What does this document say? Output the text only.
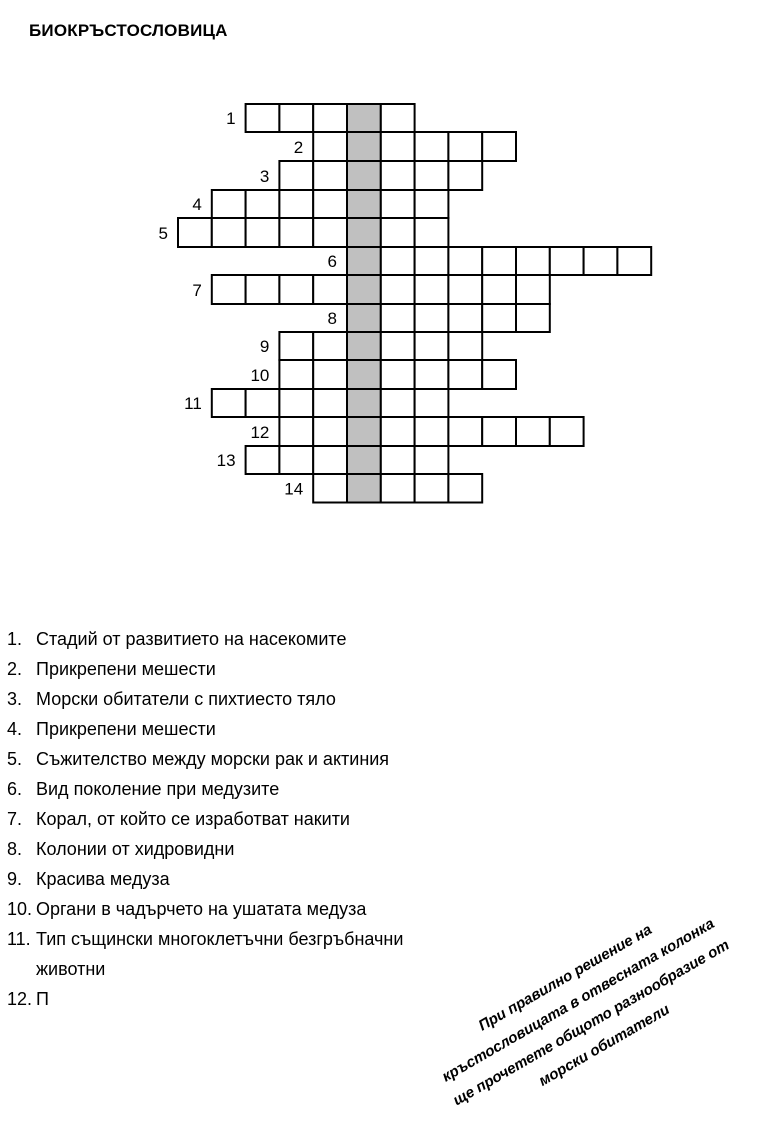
БИОКРЪСТОСЛОВИЦА
1
2
3
4
5
6
7
8
9
10
11
12
13
14
1. Стадий от развитието на насекомите
2. Прикрепени мешести
3. Морски обитатели с пихтиесто тяло
4. Прикрепени мешести
5. Съжителство между морски рак и актиния
6. Вид поколение при медузите
7. Корал, от който се изработват накити
8. Колонии от хидровидни
9. Красива медуза
10. Органи в чадърчето на ушатата медуза
11. Тип същински многоклетъчни безгръбначни животни
12. П	При правилно решение на кръстословицата в отвесната колонка ще прочетете общото разнообразие от морски обитатели
